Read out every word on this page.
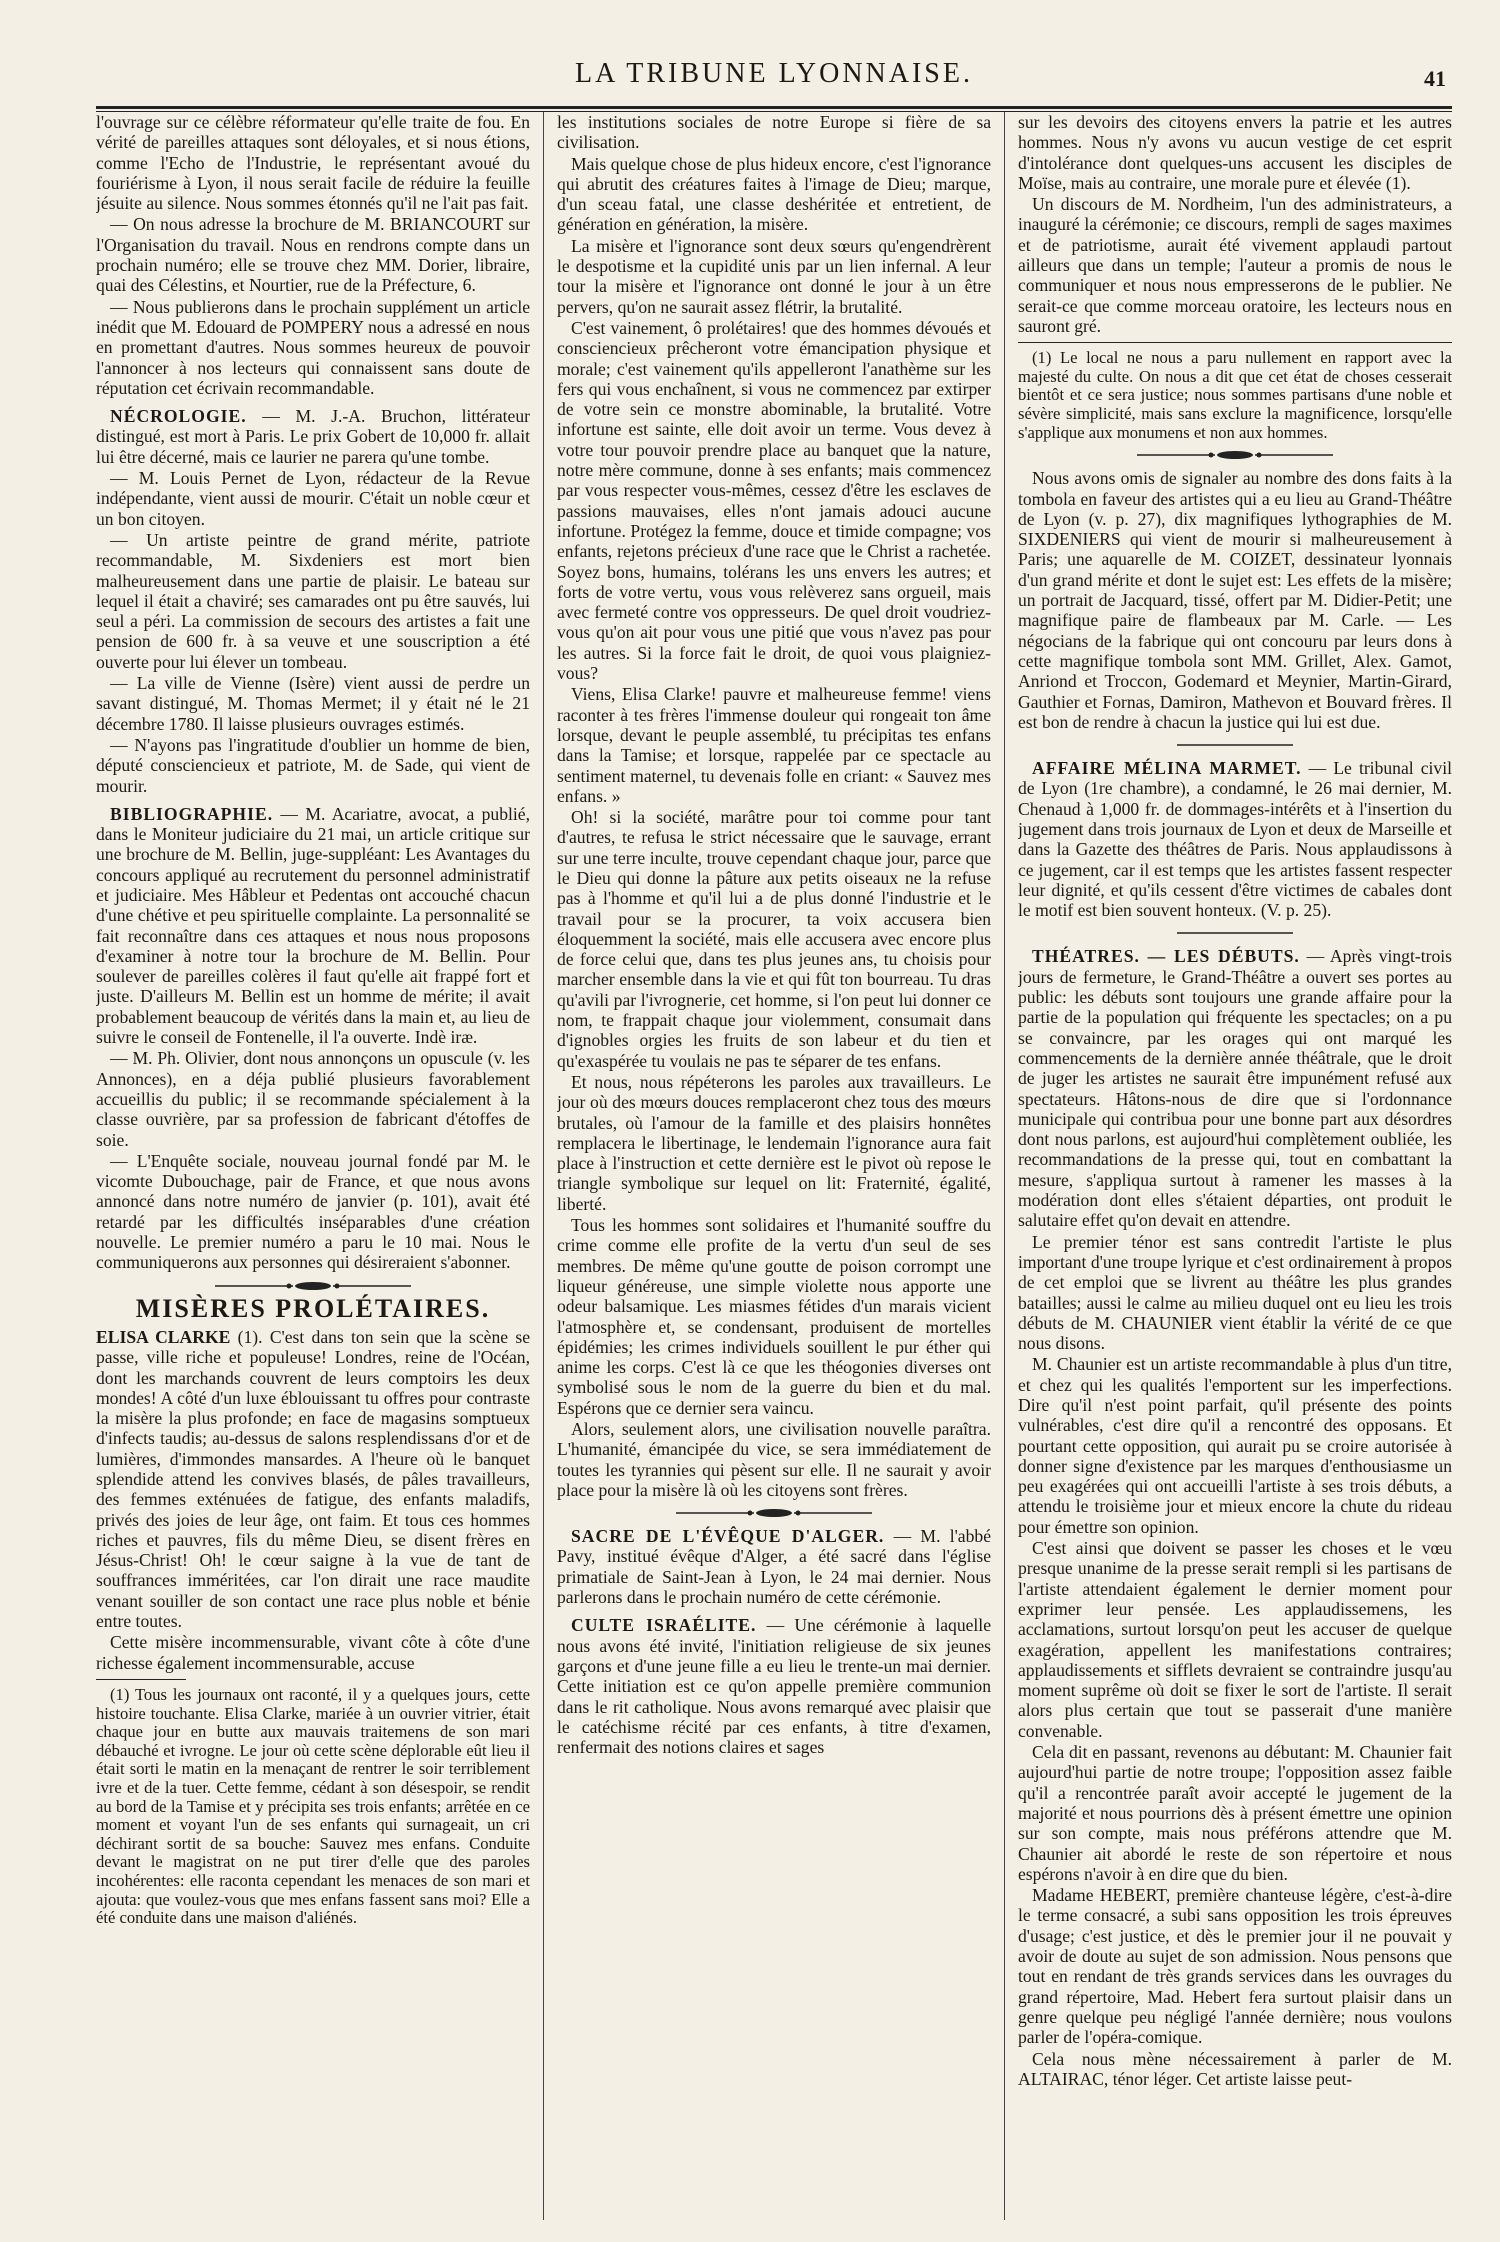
LA TRIBUNE LYONNAISE.	41

l'ouvrage sur ce célèbre réformateur qu'elle traite de fou. En vérité de pareilles attaques sont déloyales, et si nous étions, comme l'Echo de l'Industrie, le représentant avoué du fouriérisme à Lyon, il nous serait facile de réduire la feuille jésuite au silence. Nous sommes étonnés qu'il ne l'ait pas fait.

— On nous adresse la brochure de M. BRIANCOURT sur l'Organisation du travail. Nous en rendrons compte dans un prochain numéro; elle se trouve chez MM. Dorier, libraire, quai des Célestins, et Nourtier, rue de la Préfecture, 6.

— Nous publierons dans le prochain supplément un article inédit que M. Edouard de POMPERY nous a adressé en nous en promettant d'autres. Nous sommes heureux de pouvoir l'annoncer à nos lecteurs qui connaissent sans doute de réputation cet écrivain recommandable.

NÉCROLOGIE. — M. J.-A. Bruchon, littérateur distingué, est mort à Paris. Le prix Gobert de 10,000 fr. allait lui être décerné, mais ce laurier ne parera qu'une tombe.

— M. Louis Pernet de Lyon, rédacteur de la Revue indépendante, vient aussi de mourir. C'était un noble cœur et un bon citoyen.

— Un artiste peintre de grand mérite, patriote recommandable, M. Sixdeniers est mort bien malheureusement dans une partie de plaisir. Le bateau sur lequel il était a chaviré; ses camarades ont pu être sauvés, lui seul a péri. La commission de secours des artistes a fait une pension de 600 fr. à sa veuve et une souscription a été ouverte pour lui élever un tombeau.

— La ville de Vienne (Isère) vient aussi de perdre un savant distingué, M. Thomas Mermet; il y était né le 21 décembre 1780. Il laisse plusieurs ouvrages estimés.

— N'ayons pas l'ingratitude d'oublier un homme de bien, député consciencieux et patriote, M. de Sade, qui vient de mourir.

BIBLIOGRAPHIE. — M. Acariatre, avocat, a publié, dans le Moniteur judiciaire du 21 mai, un article critique sur une brochure de M. Bellin, juge-suppléant: Les Avantages du concours appliqué au recrutement du personnel administratif et judiciaire. Mes Hâbleur et Pedentas ont accouché chacun d'une chétive et peu spirituelle complainte. La personnalité se fait reconnaître dans ces attaques et nous nous proposons d'examiner à notre tour la brochure de M. Bellin. Pour soulever de pareilles colères il faut qu'elle ait frappé fort et juste. D'ailleurs M. Bellin est un homme de mérite; il avait probablement beaucoup de vérités dans la main et, au lieu de suivre le conseil de Fontenelle, il l'a ouverte. Indè iræ.

— M. Ph. Olivier, dont nous annonçons un opuscule (v. les Annonces), en a déja publié plusieurs favorablement accueillis du public; il se recommande spécialement à la classe ouvrière, par sa profession de fabricant d'étoffes de soie.

— L'Enquête sociale, nouveau journal fondé par M. le vicomte Dubouchage, pair de France, et que nous avons annoncé dans notre numéro de janvier (p. 101), avait été retardé par les difficultés inséparables d'une création nouvelle. Le premier numéro a paru le 10 mai. Nous le communiquerons aux personnes qui désireraient s'abonner.

MISÈRES PROLÉTAIRES.

ELISA CLARKE (1). C'est dans ton sein que la scène se passe, ville riche et populeuse! Londres, reine de l'Océan, dont les marchands couvrent de leurs comptoirs les deux mondes! A côté d'un luxe éblouissant tu offres pour contraste la misère la plus profonde; en face de magasins somptueux d'infects taudis; au-dessus de salons resplendissans d'or et de lumières, d'immondes mansardes. A l'heure où le banquet splendide attend les convives blasés, de pâles travailleurs, des femmes exténuées de fatigue, des enfants maladifs, privés des joies de leur âge, ont faim. Et tous ces hommes riches et pauvres, fils du même Dieu, se disent frères en Jésus-Christ! Oh! le cœur saigne à la vue de tant de souffrances imméritées, car l'on dirait une race maudite venant souiller de son contact une race plus noble et bénie entre toutes.

Cette misère incommensurable, vivant côte à côte d'une richesse également incommensurable, accuse

(1) Tous les journaux ont raconté, il y a quelques jours, cette histoire touchante. Elisa Clarke, mariée à un ouvrier vitrier, était chaque jour en butte aux mauvais traitemens de son mari débauché et ivrogne. Le jour où cette scène déplorable eût lieu il était sorti le matin en la menaçant de rentrer le soir terriblement ivre et de la tuer. Cette femme, cédant à son désespoir, se rendit au bord de la Tamise et y précipita ses trois enfants; arrêtée en ce moment et voyant l'un de ses enfants qui surnageait, un cri déchirant sortit de sa bouche: Sauvez mes enfans. Conduite devant le magistrat on ne put tirer d'elle que des paroles incohérentes: elle raconta cependant les menaces de son mari et ajouta: que voulez-vous que mes enfans fassent sans moi? Elle a été conduite dans une maison d'aliénés.

les institutions sociales de notre Europe si fière de sa civilisation.

Mais quelque chose de plus hideux encore, c'est l'ignorance qui abrutit des créatures faites à l'image de Dieu; marque, d'un sceau fatal, une classe deshéritée et entretient, de génération en génération, la misère.

La misère et l'ignorance sont deux sœurs qu'engendrèrent le despotisme et la cupidité unis par un lien infernal. A leur tour la misère et l'ignorance ont donné le jour à un être pervers, qu'on ne saurait assez flétrir, la brutalité.

C'est vainement, ô prolétaires! que des hommes dévoués et consciencieux prêcheront votre émancipation physique et morale; c'est vainement qu'ils appelleront l'anathème sur les fers qui vous enchaînent, si vous ne commencez par extirper de votre sein ce monstre abominable, la brutalité. Votre infortune est sainte, elle doit avoir un terme. Vous devez à votre tour pouvoir prendre place au banquet que la nature, notre mère commune, donne à ses enfants; mais commencez par vous respecter vous-mêmes, cessez d'être les esclaves de passions mauvaises, elles n'ont jamais adouci aucune infortune. Protégez la femme, douce et timide compagne; vos enfants, rejetons précieux d'une race que le Christ a rachetée. Soyez bons, humains, tolérans les uns envers les autres; et forts de votre vertu, vous vous relèverez sans orgueil, mais avec fermeté contre vos oppresseurs. De quel droit voudriez-vous qu'on ait pour vous une pitié que vous n'avez pas pour les autres. Si la force fait le droit, de quoi vous plaigniez-vous?

Viens, Elisa Clarke! pauvre et malheureuse femme! viens raconter à tes frères l'immense douleur qui rongeait ton âme lorsque, devant le peuple assemblé, tu précipitas tes enfans dans la Tamise; et lorsque, rappelée par ce spectacle au sentiment maternel, tu devenais folle en criant: « Sauvez mes enfans. »

Oh! si la société, marâtre pour toi comme pour tant d'autres, te refusa le strict nécessaire que le sauvage, errant sur une terre inculte, trouve cependant chaque jour, parce que le Dieu qui donne la pâture aux petits oiseaux ne la refuse pas à l'homme et qu'il lui a de plus donné l'industrie et le travail pour se la procurer, ta voix accusera bien éloquemment la société, mais elle accusera avec encore plus de force celui que, dans tes plus jeunes ans, tu choisis pour marcher ensemble dans la vie et qui fût ton bourreau. Tu dras qu'avili par l'ivrognerie, cet homme, si l'on peut lui donner ce nom, te frappait chaque jour violemment, consumait dans d'ignobles orgies les fruits de son labeur et du tien et qu'exaspérée tu voulais ne pas te séparer de tes enfans.

Et nous, nous répéterons les paroles aux travailleurs. Le jour où des mœurs douces remplaceront chez tous des mœurs brutales, où l'amour de la famille et des plaisirs honnêtes remplacera le libertinage, le lendemain l'ignorance aura fait place à l'instruction et cette dernière est le pivot où repose le triangle symbolique sur lequel on lit: Fraternité, égalité, liberté.

Tous les hommes sont solidaires et l'humanité souffre du crime comme elle profite de la vertu d'un seul de ses membres. De même qu'une goutte de poison corrompt une liqueur généreuse, une simple violette nous apporte une odeur balsamique. Les miasmes fétides d'un marais vicient l'atmosphère et, se condensant, produisent de mortelles épidémies; les crimes individuels souillent le pur éther qui anime les corps. C'est là ce que les théogonies diverses ont symbolisé sous le nom de la guerre du bien et du mal. Espérons que ce dernier sera vaincu.

Alors, seulement alors, une civilisation nouvelle paraîtra. L'humanité, émancipée du vice, se sera immédiatement de toutes les tyrannies qui pèsent sur elle. Il ne saurait y avoir place pour la misère là où les citoyens sont frères.

SACRE DE L'ÉVÊQUE D'ALGER. — M. l'abbé Pavy, institué évêque d'Alger, a été sacré dans l'église primatiale de Saint-Jean à Lyon, le 24 mai dernier. Nous parlerons dans le prochain numéro de cette cérémonie.

CULTE ISRAÉLITE. — Une cérémonie à laquelle nous avons été invité, l'initiation religieuse de six jeunes garçons et d'une jeune fille a eu lieu le trente-un mai dernier. Cette initiation est ce qu'on appelle première communion dans le rit catholique. Nous avons remarqué avec plaisir que le catéchisme récité par ces enfants, à titre d'examen, renfermait des notions claires et sages

sur les devoirs des citoyens envers la patrie et les autres hommes. Nous n'y avons vu aucun vestige de cet esprit d'intolérance dont quelques-uns accusent les disciples de Moïse, mais au contraire, une morale pure et élevée (1).

Un discours de M. Nordheim, l'un des administrateurs, a inauguré la cérémonie; ce discours, rempli de sages maximes et de patriotisme, aurait été vivement applaudi partout ailleurs que dans un temple; l'auteur a promis de nous le communiquer et nous nous empresserons de le publier. Ne serait-ce que comme morceau oratoire, les lecteurs nous en sauront gré.

(1) Le local ne nous a paru nullement en rapport avec la majesté du culte. On nous a dit que cet état de choses cesserait bientôt et ce sera justice; nous sommes partisans d'une noble et sévère simplicité, mais sans exclure la magnificence, lorsqu'elle s'applique aux monumens et non aux hommes.

Nous avons omis de signaler au nombre des dons faits à la tombola en faveur des artistes qui a eu lieu au Grand-Théâtre de Lyon (v. p. 27), dix magnifiques lythographies de M. SIXDENIERS qui vient de mourir si malheureusement à Paris; une aquarelle de M. COIZET, dessinateur lyonnais d'un grand mérite et dont le sujet est: Les effets de la misère; un portrait de Jacquard, tissé, offert par M. Didier-Petit; une magnifique paire de flambeaux par M. Carle. — Les négocians de la fabrique qui ont concouru par leurs dons à cette magnifique tombola sont MM. Grillet, Alex. Gamot, Anriond et Troccon, Godemard et Meynier, Martin-Girard, Gauthier et Fornas, Damiron, Mathevon et Bouvard frères. Il est bon de rendre à chacun la justice qui lui est due.

AFFAIRE MÉLINA MARMET. — Le tribunal civil de Lyon (1re chambre), a condamné, le 26 mai dernier, M. Chenaud à 1,000 fr. de dommages-intérêts et à l'insertion du jugement dans trois journaux de Lyon et deux de Marseille et dans la Gazette des théâtres de Paris. Nous applaudissons à ce jugement, car il est temps que les artistes fassent respecter leur dignité, et qu'ils cessent d'être victimes de cabales dont le motif est bien souvent honteux. (V. p. 25).

THÉATRES. — LES DÉBUTS. — Après vingt-trois jours de fermeture, le Grand-Théâtre a ouvert ses portes au public: les débuts sont toujours une grande affaire pour la partie de la population qui fréquente les spectacles; on a pu se convaincre, par les orages qui ont marqué les commencements de la dernière année théâtrale, que le droit de juger les artistes ne saurait être impunément refusé aux spectateurs. Hâtons-nous de dire que si l'ordonnance municipale qui contribua pour une bonne part aux désordres dont nous parlons, est aujourd'hui complètement oubliée, les recommandations de la presse qui, tout en combattant la mesure, s'appliqua surtout à ramener les masses à la modération dont elles s'étaient départies, ont produit le salutaire effet qu'on devait en attendre.

Le premier ténor est sans contredit l'artiste le plus important d'une troupe lyrique et c'est ordinairement à propos de cet emploi que se livrent au théâtre les plus grandes batailles; aussi le calme au milieu duquel ont eu lieu les trois débuts de M. CHAUNIER vient établir la vérité de ce que nous disons.

M. Chaunier est un artiste recommandable à plus d'un titre, et chez qui les qualités l'emportent sur les imperfections. Dire qu'il n'est point parfait, qu'il présente des points vulnérables, c'est dire qu'il a rencontré des opposans. Et pourtant cette opposition, qui aurait pu se croire autorisée à donner signe d'existence par les marques d'enthousiasme un peu exagérées qui ont accueilli l'artiste à ses trois débuts, a attendu le troisième jour et mieux encore la chute du rideau pour émettre son opinion.

C'est ainsi que doivent se passer les choses et le vœu presque unanime de la presse serait rempli si les partisans de l'artiste attendaient également le dernier moment pour exprimer leur pensée. Les applaudissemens, les acclamations, surtout lorsqu'on peut les accuser de quelque exagération, appellent les manifestations contraires; applaudissements et sifflets devraient se contraindre jusqu'au moment suprême où doit se fixer le sort de l'artiste. Il serait alors plus certain que tout se passerait d'une manière convenable.

Cela dit en passant, revenons au débutant: M. Chaunier fait aujourd'hui partie de notre troupe; l'opposition assez faible qu'il a rencontrée paraît avoir accepté le jugement de la majorité et nous pourrions dès à présent émettre une opinion sur son compte, mais nous préférons attendre que M. Chaunier ait abordé le reste de son répertoire et nous espérons n'avoir à en dire que du bien.

Madame HEBERT, première chanteuse légère, c'est-à-dire le terme consacré, a subi sans opposition les trois épreuves d'usage; c'est justice, et dès le premier jour il ne pouvait y avoir de doute au sujet de son admission. Nous pensons que tout en rendant de très grands services dans les ouvrages du grand répertoire, Mad. Hebert fera surtout plaisir dans un genre quelque peu négligé l'année dernière; nous voulons parler de l'opéra-comique.

Cela nous mène nécessairement à parler de M. ALTAIRAC, ténor léger. Cet artiste laisse peut-
